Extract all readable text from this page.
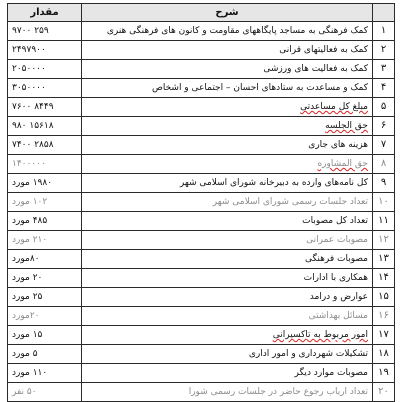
	شرح	مقدار
۱	کمک فرهنگی به مساجد پایگاههای مقاومت و کانون های فرهنگی هنری	۲۵۹ ۹۷۰۰
۲	کمک به فعالیتهای قرانی	۲۴۹۷۹۰۰
۳	کمک به فعالیت های ورزشی	۲۰۵۰۰۰۰
۴	کمک و مساعدت به ستادهای احسان – اجتماعی و اشخاص	۳۰۵۰۰۰۰
۵	مبلغ کل مساعدتی	۸۴۴۹ ۷۶۰۰
۶	حق الجلسه	۱۵۶۱۸ ۹۸۰
۷	هزینه های جاری	۲۸۵۸ ۷۴۰۰
۸	حق المشاوره	۱۴۰۰۰۰۰
۹	کل نامه‌های وارده به دبیرخانه شورای اسلامی شهر	۱۹۸۰ مورد
۱۰	تعداد جلسات رسمی شورای اسلامی شهر	۱۰۲ مورد
۱۱	تعداد کل مصوبات	۴۸۵ مورد
۱۲	مصوبات عمرانی	۲۱۰ مورد
۱۳	مصوبات فرهنگی	۸۰مورد
۱۴	همکاری با ادارات	۲۰ مورد
۱۵	عوارض و درامد	۲۵ مورد
۱۶	مسائل بهداشتی	۲۰مورد
۱۷	امور مربوط به تاکسیرانی	۱۵ مورد
۱۸	تشکیلات شهرداری و امور اداری	۵ مورد
۱۹	مصوبات موارد دیگر	۱۱۰ مورد
۲۰	تعداد ارباب رجوع حاضر در جلسات رسمی شورا	۵۰ نفر
